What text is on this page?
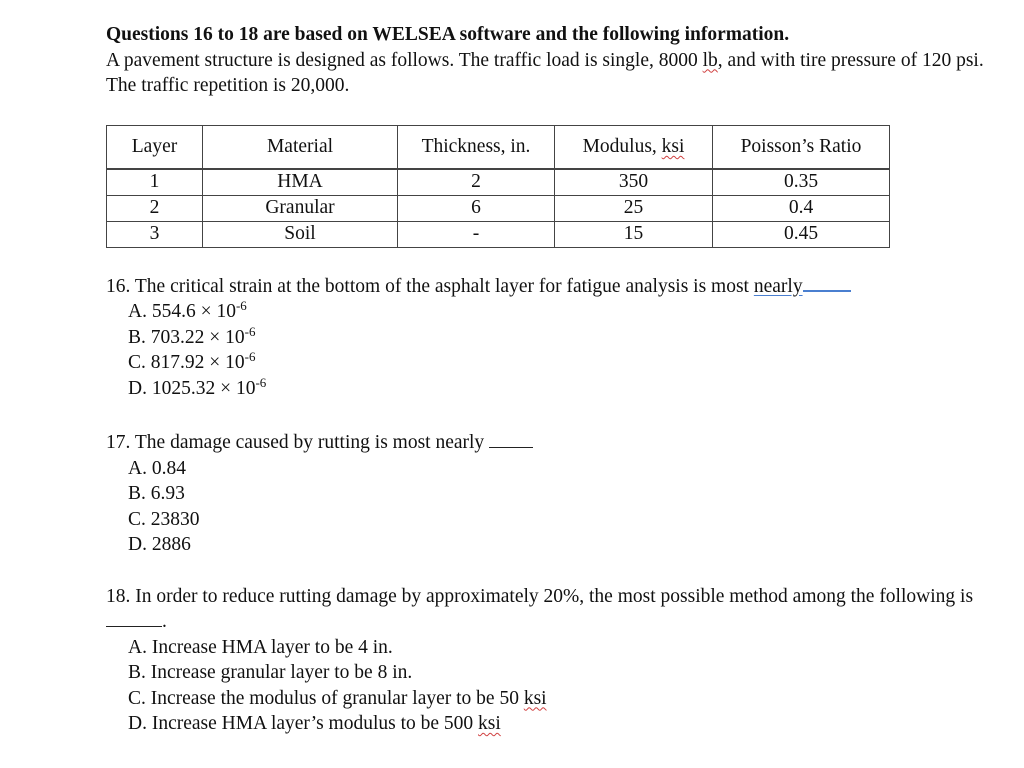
Questions 16 to 18 are based on WELSEA software and the following information.

A pavement structure is designed as follows. The traffic load is single, 8000 lb, and with tire pressure of 120 psi. The traffic repetition is 20,000.

Layer	Material	Thickness, in.	Modulus, ksi	Poisson’s Ratio
1	HMA	2	350	0.35
2	Granular	6	25	0.4
3	Soil	-	15	0.45

16. The critical strain at the bottom of the asphalt layer for fatigue analysis is most nearly

A. $554.6 \times 10^{-6}$
B. $703.22 \times 10^{-6}$
C. $817.92 \times 10^{-6}$
D. $1025.32 \times 10^{-6}$

17. The damage caused by rutting is most nearly

A. 0.84
B. 6.93
C. 23830
D. 2886

18. In order to reduce rutting damage by approximately 20%, the most possible method among the following is.

A. Increase HMA layer to be 4 in.
B. Increase granular layer to be 8 in.
C. Increase the modulus of granular layer to be 50 ksi
D. Increase HMA layer’s modulus to be 500 ksi
